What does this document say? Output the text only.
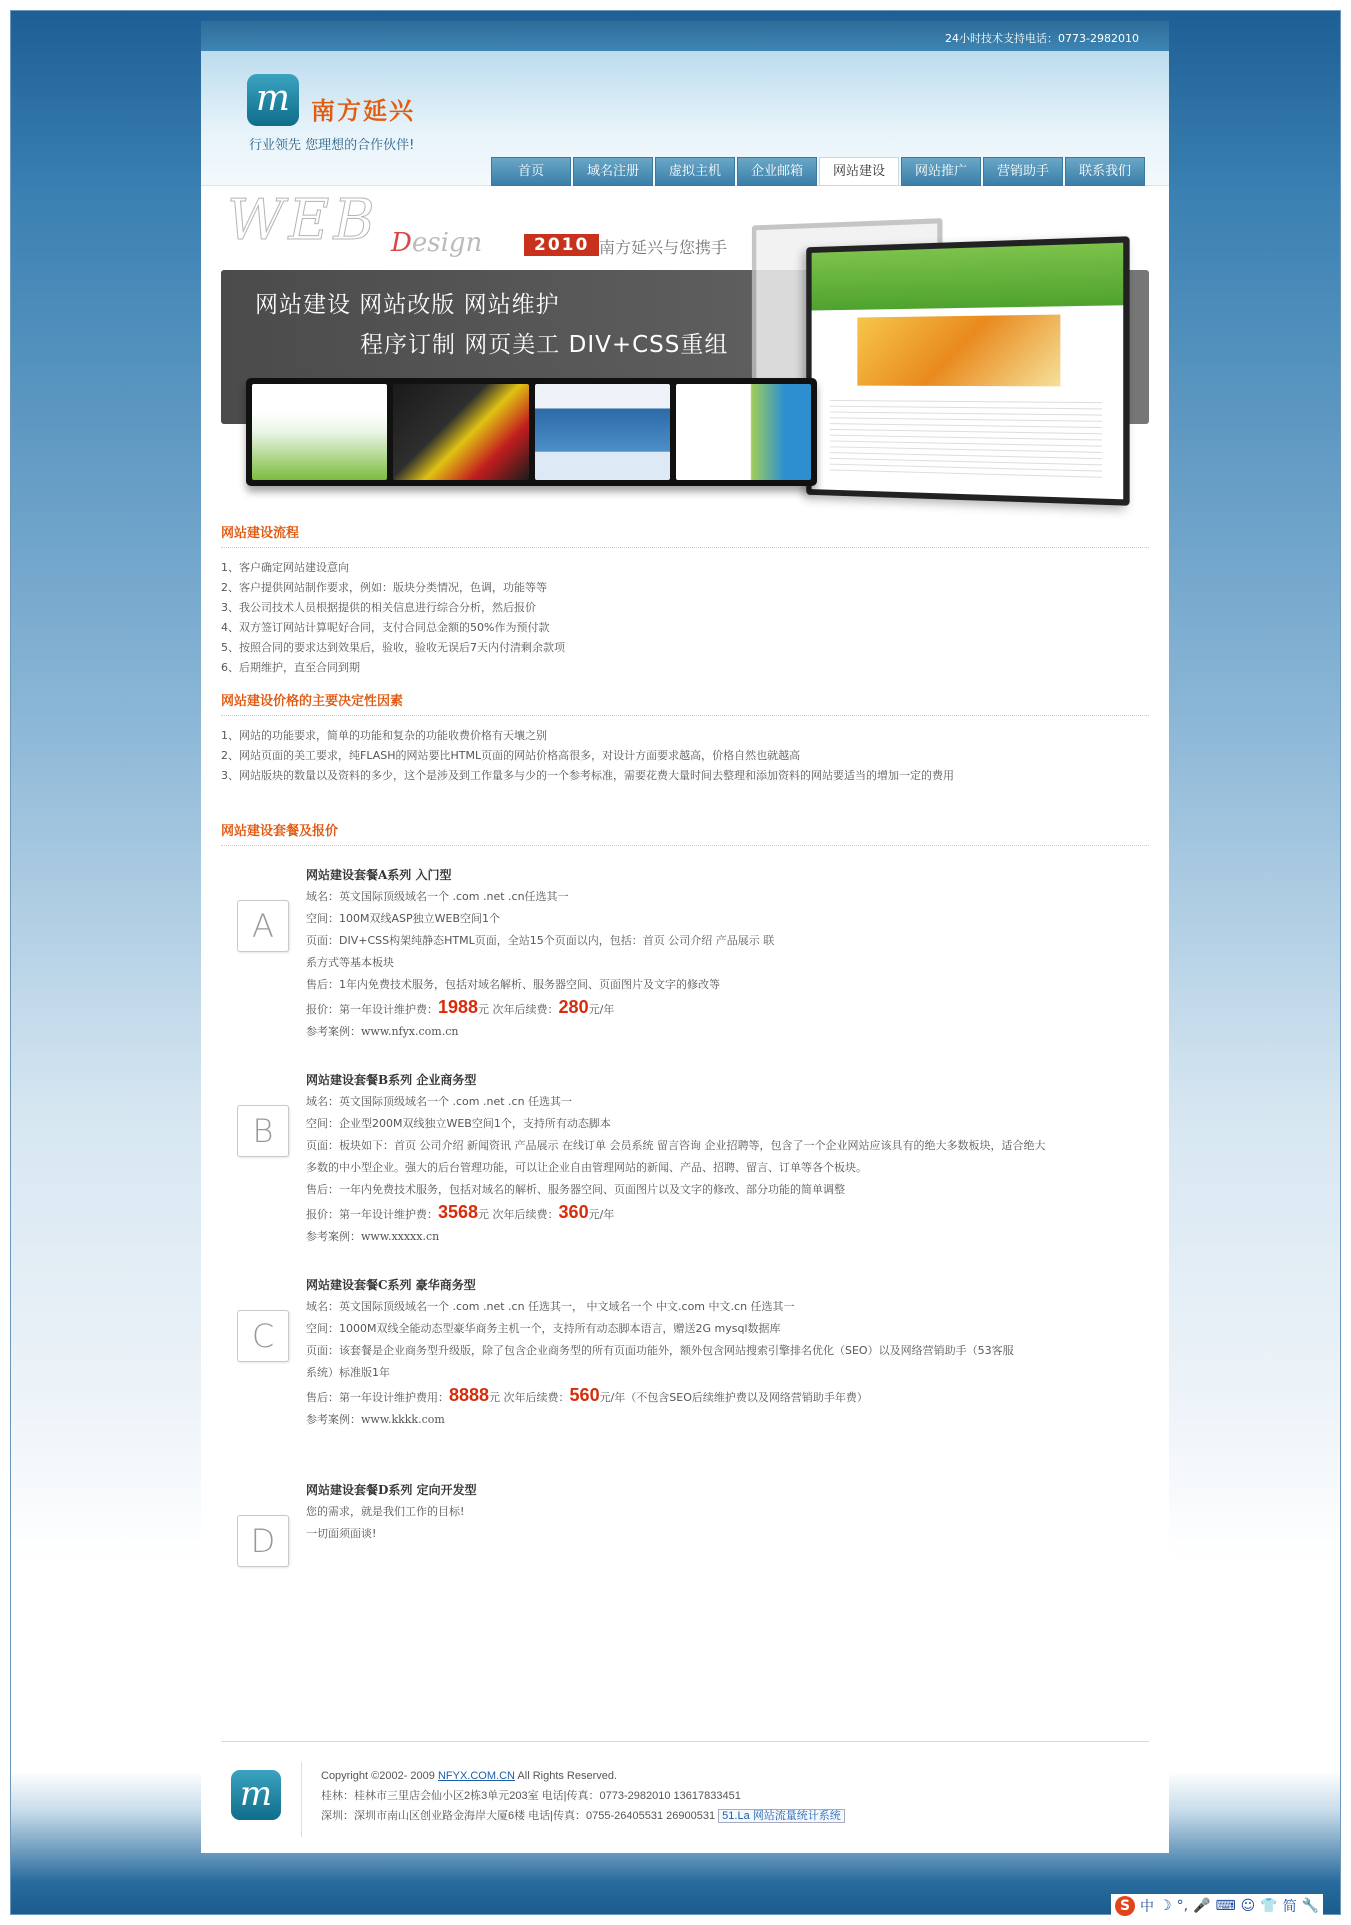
24小时技术支持电话：0773-2982010
m 南方延兴
行业领先 您理想的合作伙伴!
首页	域名注册	虚拟主机	企业邮箱	网站建设	网站推广	营销助手	联系我们
WEB Design	2010 南方延兴与您携手
网站建设 网站改版 网站维护
程序订制 网页美工 DIV+CSS重组
网站建设流程
1、客户确定网站建设意向
2、客户提供网站制作要求，例如：版块分类情况，色调，功能等等
3、我公司技术人员根据提供的相关信息进行综合分析，然后报价
4、双方签订网站计算呢好合同，支付合同总金额的50%作为预付款
5、按照合同的要求达到效果后，验收，验收无误后7天内付清剩余款项
6、后期维护，直至合同到期
网站建设价格的主要决定性因素
1、网站的功能要求，简单的功能和复杂的功能收费价格有天壤之别
2、网站页面的美工要求，纯FLASH的网站要比HTML页面的网站价格高很多，对设计方面要求越高，价格自然也就越高
3、网站版块的数量以及资料的多少，这个是涉及到工作量多与少的一个参考标准，需要花费大量时间去整理和添加资料的网站要适当的增加一定的费用
网站建设套餐及报价
A
网站建设套餐A系列 入门型
域名：英文国际顶级域名一个 .com .net .cn任选其一
空间：100M双线ASP独立WEB空间1个
页面：DIV+CSS构架纯静态HTML页面，全站15个页面以内，包括：首页 公司介绍 产品展示 联
系方式等基本板块
售后：1年内免费技术服务，包括对域名解析、服务器空间、页面图片及文字的修改等
报价：第一年设计维护费：1988元 次年后续费：280元/年
参考案例：www.nfyx.com.cn
B
网站建设套餐B系列 企业商务型
域名：英文国际顶级域名一个 .com .net .cn 任选其一
空间：企业型200M双线独立WEB空间1个，支持所有动态脚本
页面：板块如下：首页 公司介绍 新闻资讯 产品展示 在线订单 会员系统 留言咨询 企业招聘等，包含了一个企业网站应该具有的绝大多数板块，适合绝大
多数的中小型企业。强大的后台管理功能，可以让企业自由管理网站的新闻、产品、招聘、留言、订单等各个板块。
售后：一年内免费技术服务，包括对域名的解析、服务器空间、页面图片以及文字的修改、部分功能的简单调整
报价：第一年设计维护费：3568元 次年后续费：360元/年
参考案例：www.xxxxx.cn
C
网站建设套餐C系列 豪华商务型
域名：英文国际顶级域名一个 .com .net .cn 任选其一， 中文域名一个 中文.com 中文.cn 任选其一
空间：1000M双线全能动态型豪华商务主机一个，支持所有动态脚本语言，赠送2G mysql数据库
页面：该套餐是企业商务型升级版，除了包含企业商务型的所有页面功能外，额外包含网站搜索引擎排名优化（SEO）以及网络营销助手（53客服
系统）标准版1年
售后：第一年设计维护费用：8888元 次年后续费：560元/年（不包含SEO后续维护费以及网络营销助手年费）
参考案例：www.kkkk.com
D
网站建设套餐D系列 定向开发型
您的需求，就是我们工作的目标!
一切面须面谈!
m	Copyright ©2002- 2009 NFYX.COM.CN All Rights Reserved.
桂林：桂林市三里店会仙小区2栋3单元203室 电话|传真：0773-2982010 13617833451
深圳：深圳市南山区创业路金海岸大厦6楼 电话|传真：0755-26405531 26900531 51.La 网站流量统计系统
S 中 ☽ °, 🎤 ⌨ ☺ 👕 简 🔧
